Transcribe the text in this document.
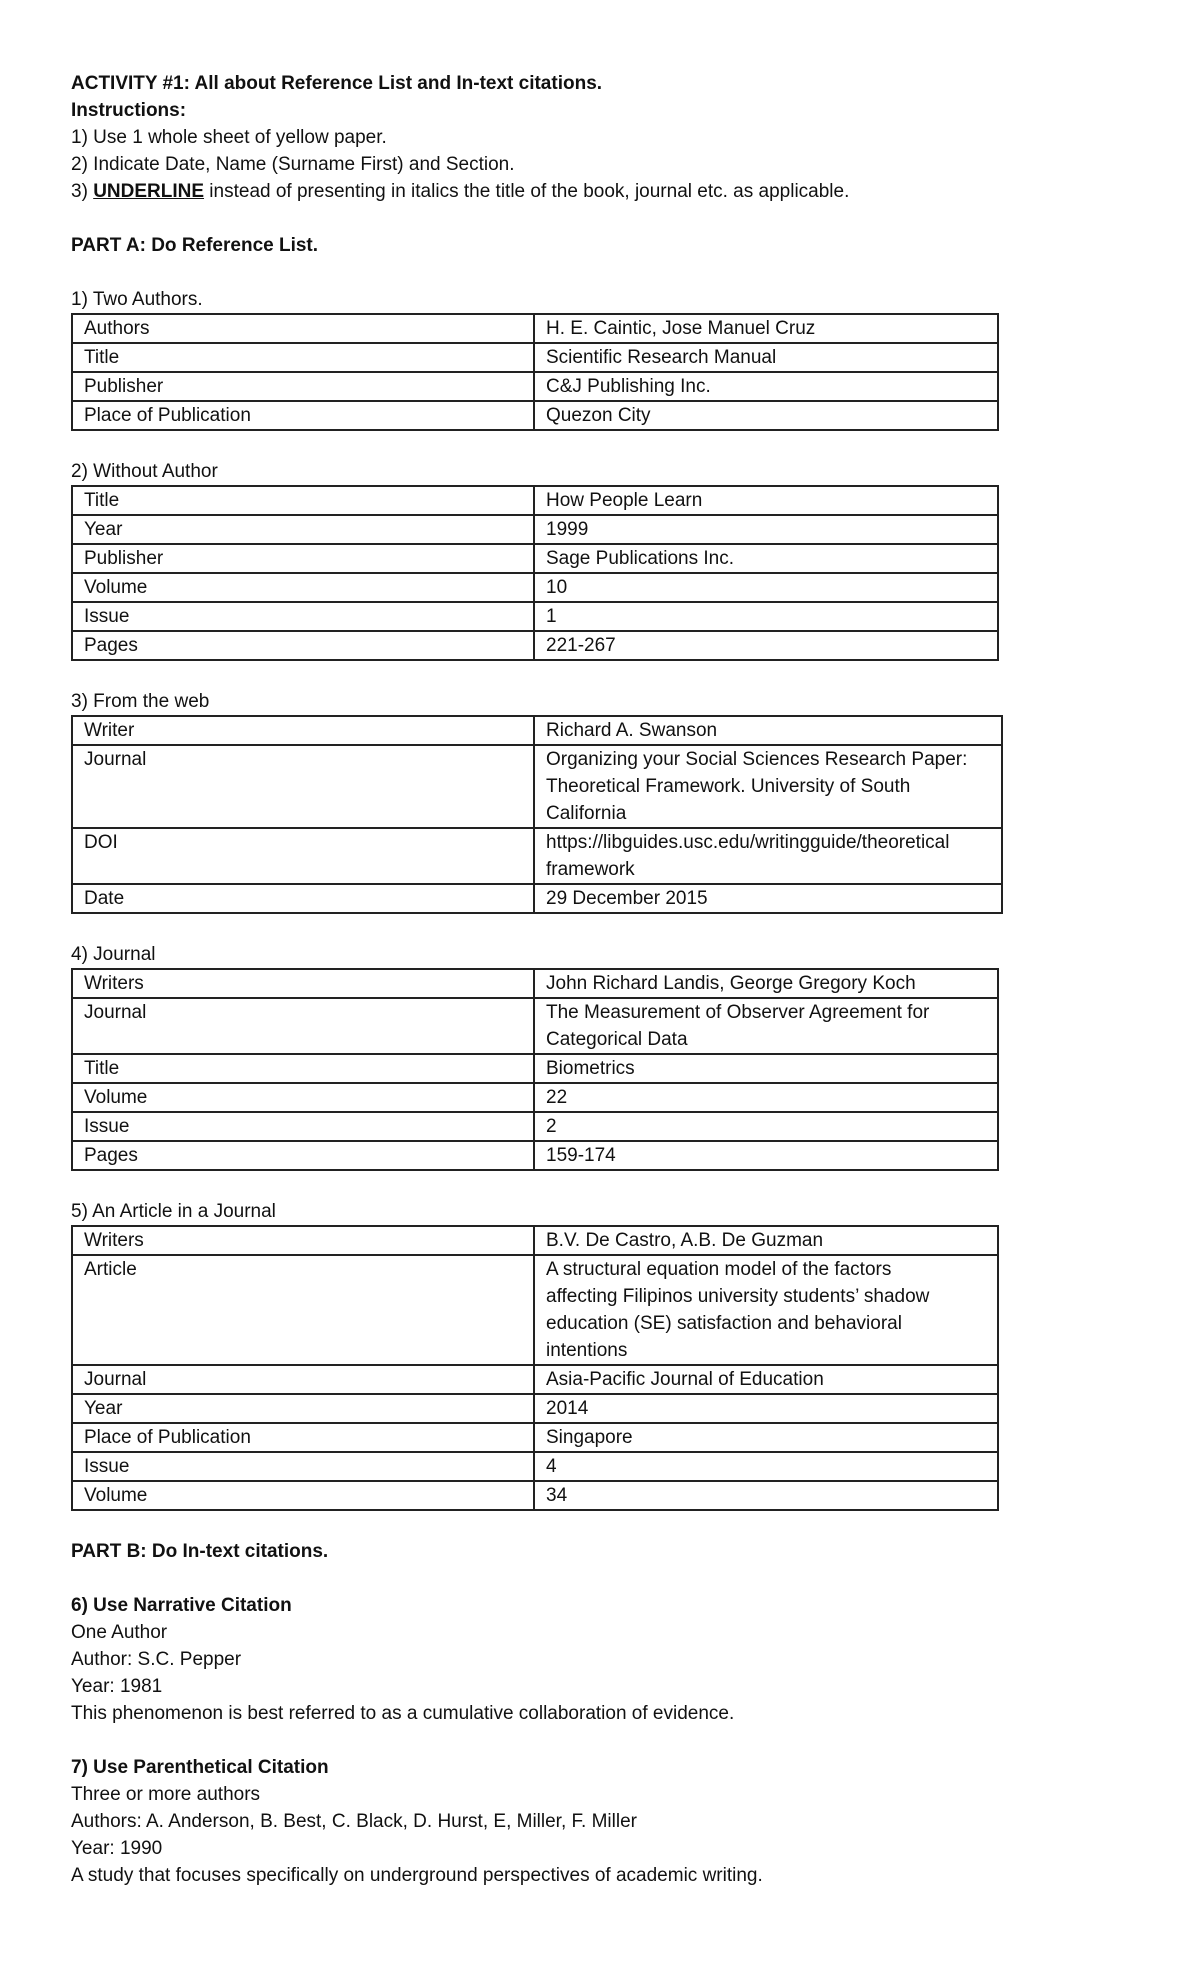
ACTIVITY #1: All about Reference List and In-text citations.
Instructions:
1) Use 1 whole sheet of yellow paper.
2) Indicate Date, Name (Surname First) and Section.
3) UNDERLINE instead of presenting in italics the title of the book, journal etc. as applicable.
PART A: Do Reference List.
1) Two Authors.
Authors	H. E. Caintic, Jose Manuel Cruz
Title	Scientific Research Manual
Publisher	C&J Publishing Inc.
Place of Publication	Quezon City
2) Without Author
Title	How People Learn
Year	1999
Publisher	Sage Publications Inc.
Volume	10
Issue	1
Pages	221-267
3) From the web
Writer	Richard A. Swanson
Journal	Organizing your Social Sciences Research Paper:
Theoretical Framework. University of South
California
DOI	https://libguides.usc.edu/writingguide/theoretical
framework
Date	29 December 2015
4) Journal
Writers	John Richard Landis, George Gregory Koch
Journal	The Measurement of Observer Agreement for
Categorical Data
Title	Biometrics
Volume	22
Issue	2
Pages	159-174
5) An Article in a Journal
Writers	B.V. De Castro, A.B. De Guzman
Article	A structural equation model of the factors
affecting Filipinos university students’ shadow
education (SE) satisfaction and behavioral
intentions
Journal	Asia-Pacific Journal of Education
Year	2014
Place of Publication	Singapore
Issue	4
Volume	34
PART B: Do In-text citations.
6) Use Narrative Citation
One Author
Author: S.C. Pepper
Year: 1981
This phenomenon is best referred to as a cumulative collaboration of evidence.
7) Use Parenthetical Citation
Three or more authors
Authors: A. Anderson, B. Best, C. Black, D. Hurst, E, Miller, F. Miller
Year: 1990
A study that focuses specifically on underground perspectives of academic writing.
